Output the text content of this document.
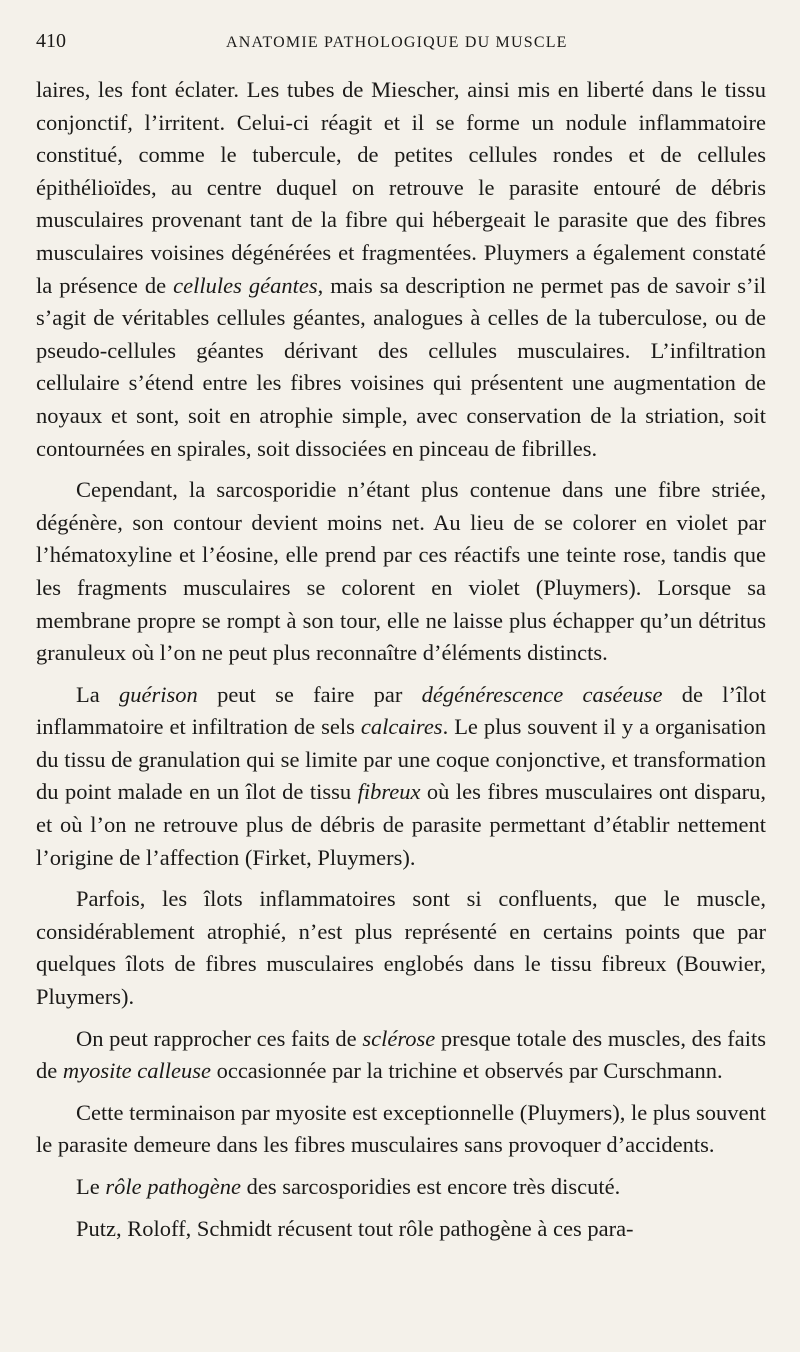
410	ANATOMIE PATHOLOGIQUE DU MUSCLE

laires, les font éclater. Les tubes de Miescher, ainsi mis en liberté dans le tissu conjonctif, l’irritent. Celui-ci réagit et il se forme un nodule inflammatoire constitué, comme le tubercule, de petites cellules rondes et de cellules épithélioïdes, au centre duquel on retrouve le parasite entouré de débris musculaires provenant tant de la fibre qui hébergeait le parasite que des fibres musculaires voisines dégénérées et fragmentées. Pluymers a également constaté la présence de cellules géantes, mais sa description ne permet pas de savoir s’il s’agit de véritables cellules géantes, analogues à celles de la tuberculose, ou de pseudo-cellules géantes dérivant des cellules musculaires. L’infiltration cellulaire s’étend entre les fibres voisines qui présentent une augmentation de noyaux et sont, soit en atrophie simple, avec conservation de la striation, soit contournées en spirales, soit dissociées en pinceau de fibrilles.

Cependant, la sarcosporidie n’étant plus contenue dans une fibre striée, dégénère, son contour devient moins net. Au lieu de se colorer en violet par l’hématoxyline et l’éosine, elle prend par ces réactifs une teinte rose, tandis que les fragments musculaires se colorent en violet (Pluymers). Lorsque sa membrane propre se rompt à son tour, elle ne laisse plus échapper qu’un détritus granuleux où l’on ne peut plus reconnaître d’éléments distincts.

La guérison peut se faire par dégénérescence caséeuse de l’îlot inflammatoire et infiltration de sels calcaires. Le plus souvent il y a organisation du tissu de granulation qui se limite par une coque conjonctive, et transformation du point malade en un îlot de tissu fibreux où les fibres musculaires ont disparu, et où l’on ne retrouve plus de débris de parasite permettant d’établir nettement l’origine de l’affection (Firket, Pluymers).

Parfois, les îlots inflammatoires sont si confluents, que le muscle, considérablement atrophié, n’est plus représenté en certains points que par quelques îlots de fibres musculaires englobés dans le tissu fibreux (Bouwier, Pluymers).

On peut rapprocher ces faits de sclérose presque totale des muscles, des faits de myosite calleuse occasionnée par la trichine et observés par Curschmann.

Cette terminaison par myosite est exceptionnelle (Pluymers), le plus souvent le parasite demeure dans les fibres musculaires sans provoquer d’accidents.

Le rôle pathogène des sarcosporidies est encore très discuté.

Putz, Roloff, Schmidt récusent tout rôle pathogène à ces para-
